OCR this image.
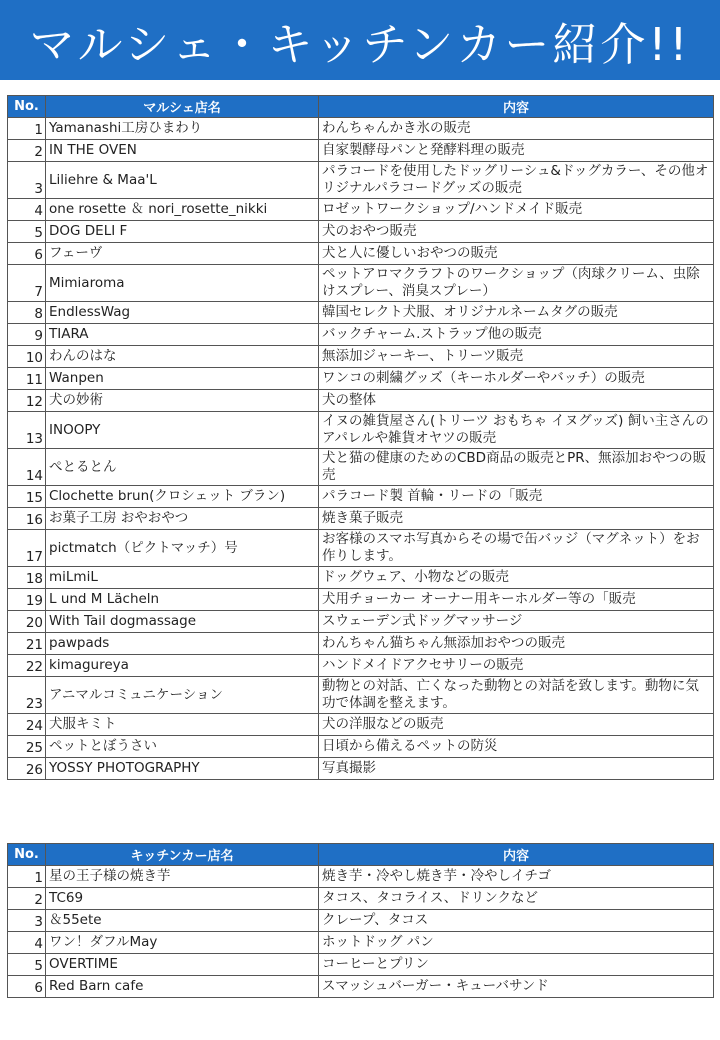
マルシェ・キッチンカー紹介!!
No.	マルシェ店名	内容
1	Yamanashi工房ひまわり	わんちゃんかき氷の販売
2	IN THE OVEN	自家製酵母パンと発酵料理の販売
3	Liliehre & Maa'L	パラコードを使用したドッグリーシュ&ドッグカラー、その他オリジナルパラコードグッズの販売
4	one rosette ＆ nori_rosette_nikki	ロゼットワークショップ/ハンドメイド販売
5	DOG DELI F	犬のおやつ販売
6	フェーヴ	犬と人に優しいおやつの販売
7	Mimiaroma	ペットアロマクラフトのワークショップ（肉球クリーム、虫除けスプレー、消臭スプレー）
8	EndlessWag	韓国セレクト犬服、オリジナルネームタグの販売
9	TIARA	バックチャーム.ストラップ他の販売
10	わんのはな	無添加ジャーキー、トリーツ販売
11	Wanpen	ワンコの刺繍グッズ（キーホルダーやバッチ）の販売
12	犬の妙術	犬の整体
13	INOOPY	イヌの雑貨屋さん(トリーツ おもちゃ イヌグッズ) 飼い主さんのアパレルや雑貨オヤツの販売
14	ぺとるとん	犬と猫の健康のためのCBD商品の販売とPR、無添加おやつの販売
15	Clochette brun(クロシェット ブラン)	パラコード製 首輪・リードの「販売
16	お菓子工房 おやおやつ	焼き菓子販売
17	pictmatch（ピクトマッチ）号	お客様のスマホ写真からその場で缶バッジ（マグネット）をお作りします。
18	miLmiL	ドッグウェア、小物などの販売
19	L und M Lächeln	犬用チョーカー オーナー用キーホルダー等の「販売
20	With Tail dogmassage	スウェーデン式ドッグマッサージ
21	pawpads	わんちゃん猫ちゃん無添加おやつの販売
22	kimagureya	ハンドメイドアクセサリーの販売
23	アニマルコミュニケーション	動物との対話、亡くなった動物との対話を致します。動物に気功で体調を整えます。
24	犬服キミト	犬の洋服などの販売
25	ペットとぼうさい	日頃から備えるペットの防災
26	YOSSY PHOTOGRAPHY	写真撮影
No.	キッチンカー店名	内容
1	星の王子様の焼き芋	焼き芋・冷やし焼き芋・冷やしイチゴ
2	TC69	タコス、タコライス、ドリンクなど
3	＆55ete	クレープ、タコス
4	ワン！ダフルMay	ホットドッグ パン
5	OVERTIME	コーヒーとプリン
6	Red Barn cafe	スマッシュバーガー・キューバサンド
